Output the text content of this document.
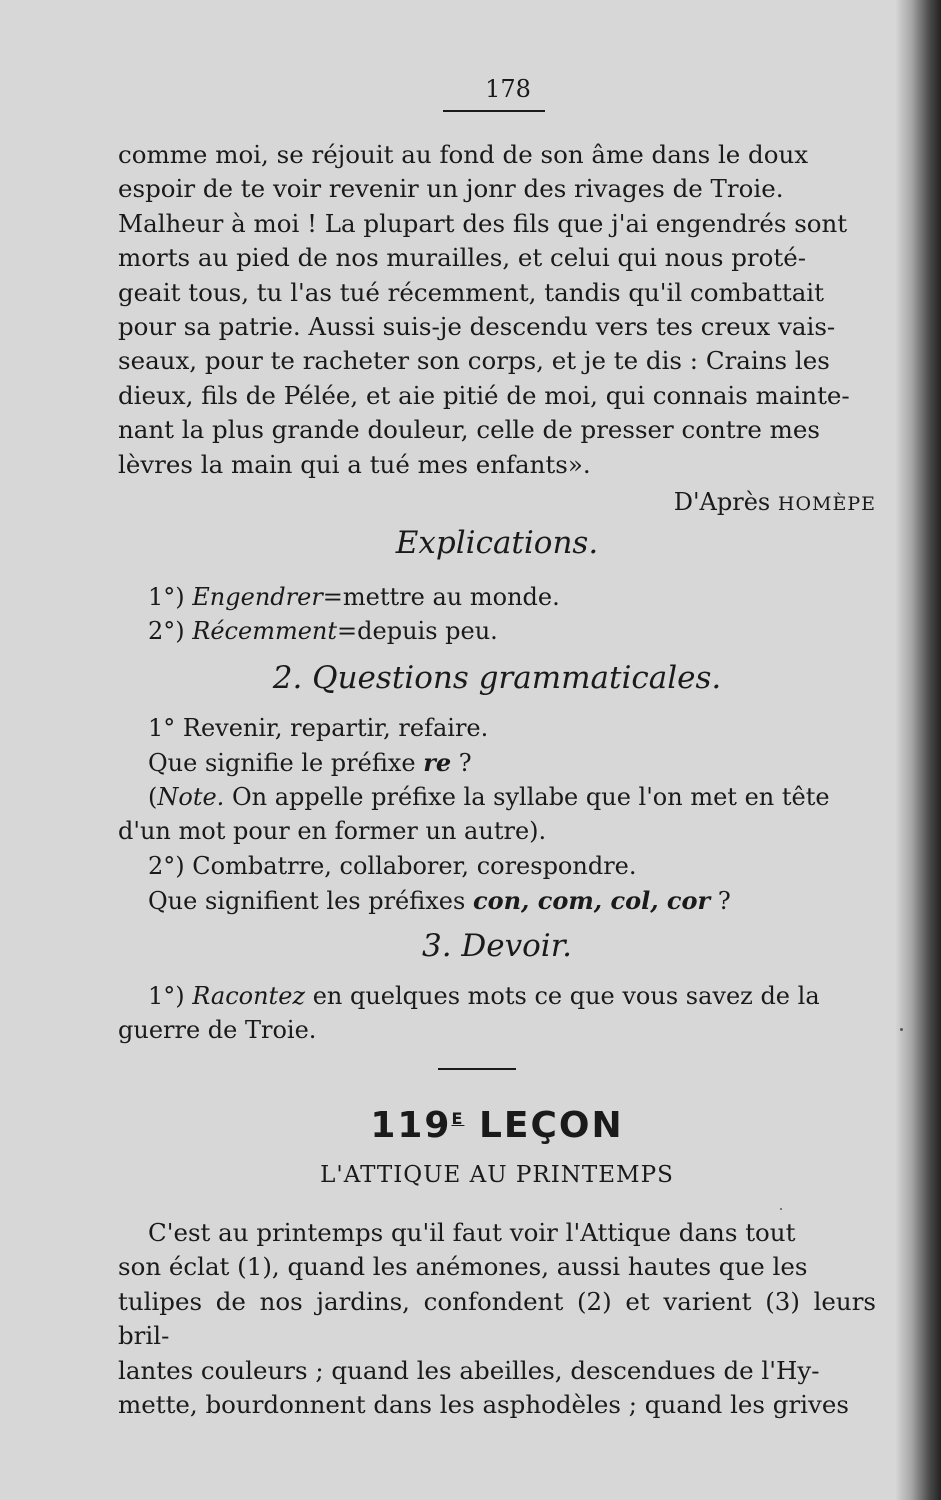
178

comme moi, se réjouit au fond de son âme dans le doux

espoir de te voir revenir un jonr des rivages de Troie.

Malheur à moi ! La plupart des fils que j'ai engendrés sont

morts au pied de nos murailles, et celui qui nous proté-

geait tous, tu l'as tué récemment, tandis qu'il combattait

pour sa patrie. Aussi suis-je descendu vers tes creux vais-

seaux, pour te racheter son corps, et je te dis : Crains les

dieux, fils de Pélée, et aie pitié de moi, qui connais mainte-

nant la plus grande douleur, celle de presser contre mes

lèvres la main qui a tué mes enfants».

D'Après HOMÈPE
Explications.
1°) Engendrer=mettre au monde.
2°) Récemment=depuis peu.
2. Questions grammaticales.
1° Revenir, repartir, refaire.
Que signifie le préfixe re ?
(Note. On appelle préfixe la syllabe que l'on met en tête
d'un mot pour en former un autre).
2°) Combatrre, collaborer, corespondre.
Que signifient les préfixes con, com, col, cor ?
3. Devoir.
1°) Racontez en quelques mots ce que vous savez de la
guerre de Troie.
$119^E$ LEÇON
L'ATTIQUE AU PRINTEMPS

C'est au printemps qu'il faut voir l'Attique dans tout

son éclat (1), quand les anémones, aussi hautes que les

tulipes de nos jardins, confondent (2) et varient (3) leurs bril-

lantes couleurs ; quand les abeilles, descendues de l'Hy-

mette, bourdonnent dans les asphodèles ; quand les grives
